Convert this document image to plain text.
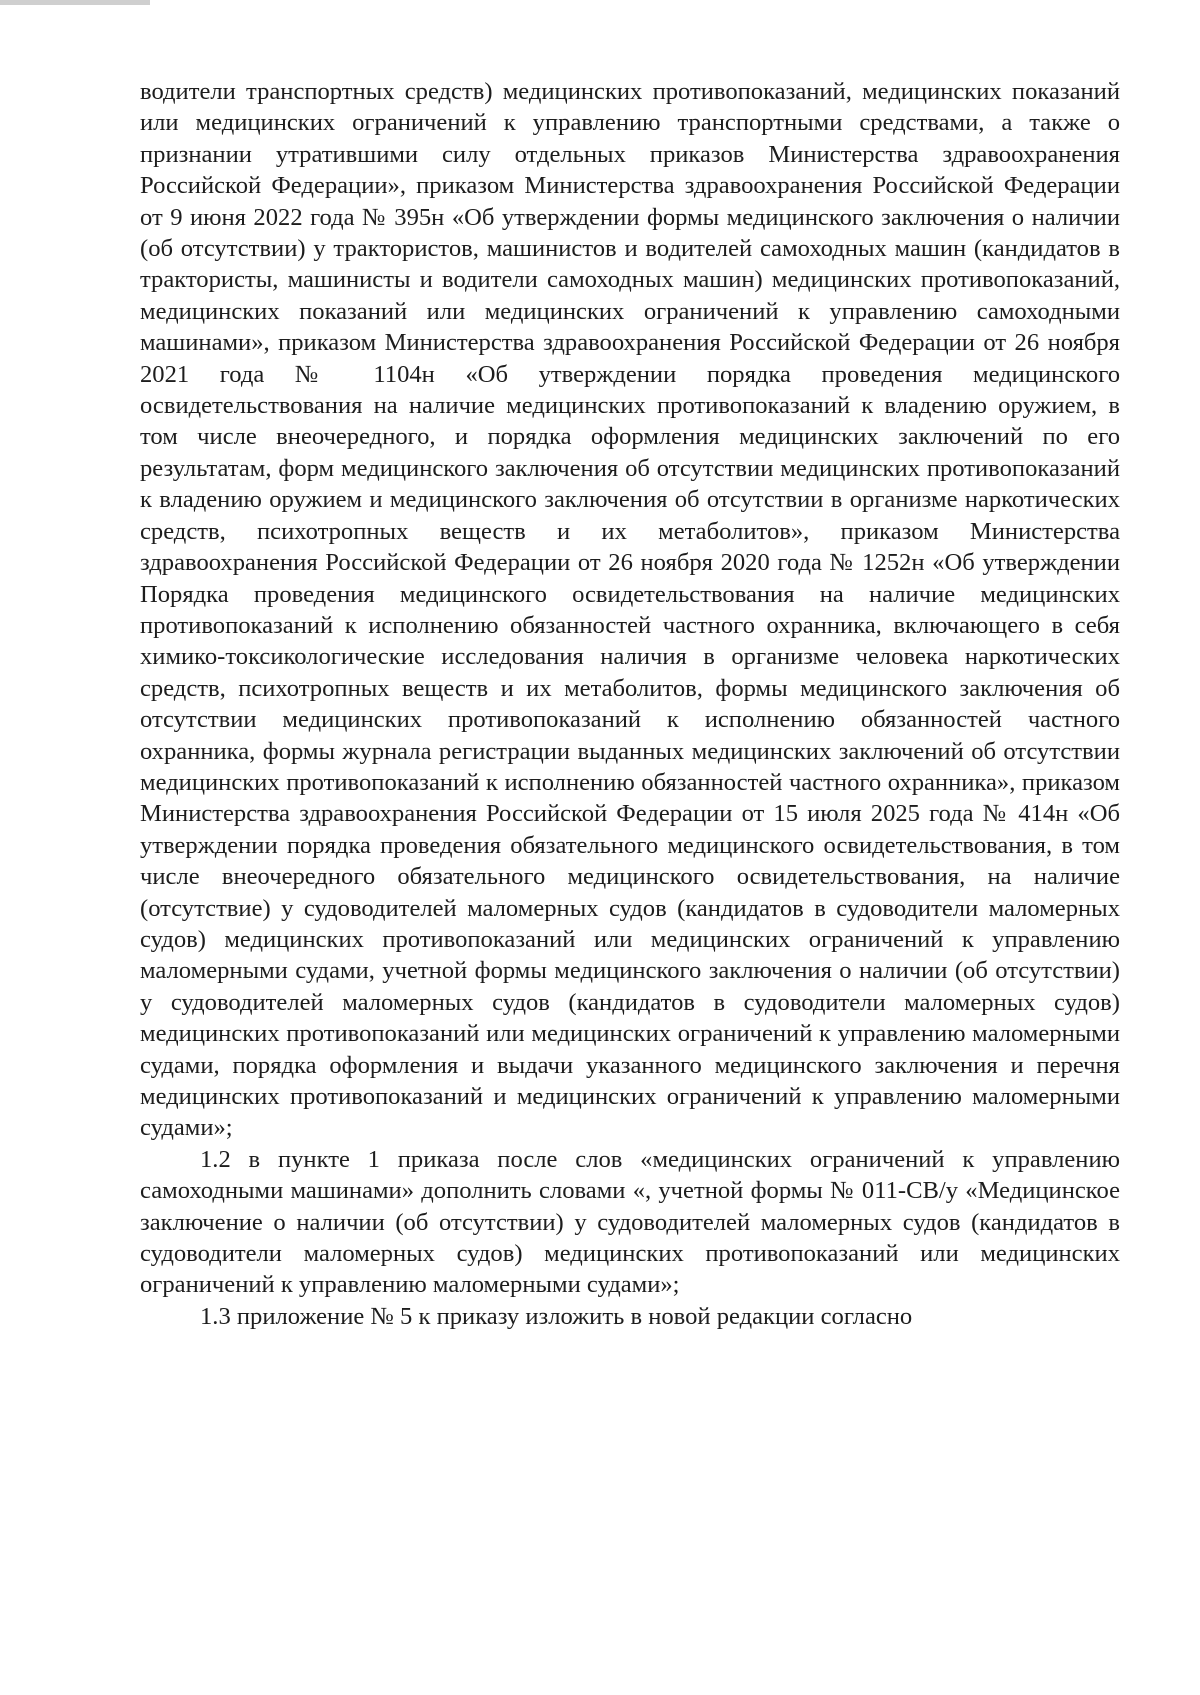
водители транспортных средств) медицинских противопоказаний, медицинских показаний или медицинских ограничений к управлению транспортными средствами, а также о признании утратившими силу отдельных приказов Министерства здравоохранения Российской Федерации», приказом Министерства здравоохранения Российской Федерации от 9 июня 2022 года № 395н «Об утверждении формы медицинского заключения о наличии (об отсутствии) у трактористов, машинистов и водителей самоходных машин (кандидатов в трактористы, машинисты и водители самоходных машин) медицинских противопоказаний, медицинских показаний или медицинских ограничений к управлению самоходными машинами», приказом Министерства здравоохранения Российской Федерации от 26 ноября 2021 года № 1104н «Об утверждении порядка проведения медицинского освидетельствования на наличие медицинских противопоказаний к владению оружием, в том числе внеочередного, и порядка оформления медицинских заключений по его результатам, форм медицинского заключения об отсутствии медицинских противопоказаний к владению оружием и медицинского заключения об отсутствии в организме наркотических средств, психотропных веществ и их метаболитов», приказом Министерства здравоохранения Российской Федерации от 26 ноября 2020 года № 1252н «Об утверждении Порядка проведения медицинского освидетельствования на наличие медицинских противопоказаний к исполнению обязанностей частного охранника, включающего в себя химико-токсикологические исследования наличия в организме человека наркотических средств, психотропных веществ и их метаболитов, формы медицинского заключения об отсутствии медицинских противопоказаний к исполнению обязанностей частного охранника, формы журнала регистрации выданных медицинских заключений об отсутствии медицинских противопоказаний к исполнению обязанностей частного охранника», приказом Министерства здравоохранения Российской Федерации от 15 июля 2025 года № 414н «Об утверждении порядка проведения обязательного медицинского освидетельствования, в том числе внеочередного обязательного медицинского освидетельствования, на наличие (отсутствие) у судоводителей маломерных судов (кандидатов в судоводители маломерных судов) медицинских противопоказаний или медицинских ограничений к управлению маломерными судами, учетной формы медицинского заключения о наличии (об отсутствии) у судоводителей маломерных судов (кандидатов в судоводители маломерных судов) медицинских противопоказаний или медицинских ограничений к управлению маломерными судами, порядка оформления и выдачи указанного медицинского заключения и перечня медицинских противопоказаний и медицинских ограничений к управлению маломерными судами»;

1.2 в пункте 1 приказа после слов «медицинских ограничений к управлению самоходными машинами» дополнить словами «, учетной формы № 011-СВ/у «Медицинское заключение о наличии (об отсутствии) у судоводителей маломерных судов (кандидатов в судоводители маломерных судов) медицинских противопоказаний или медицинских ограничений к управлению маломерными судами»;

1.3 приложение № 5 к приказу изложить в новой редакции согласно
